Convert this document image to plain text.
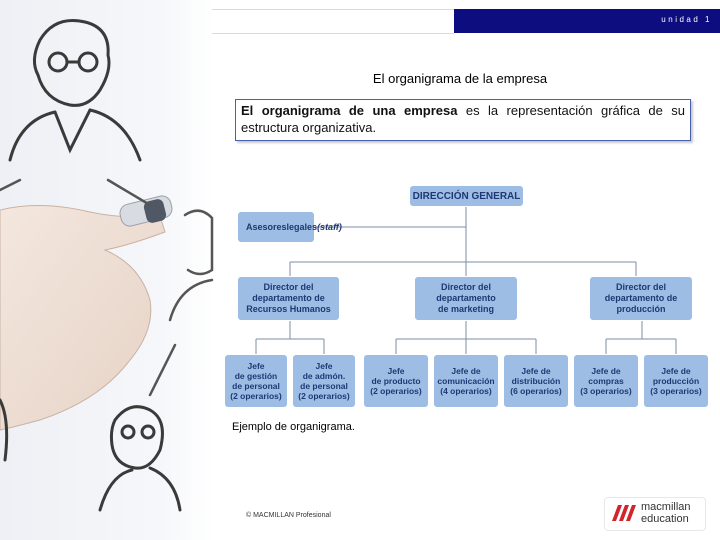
unidad 1
El organigrama de la empresa
El organigrama de una empresa es la representación gráfica de su estructura organizativa.
DIRECCIÓN GENERAL
Asesores legales (staff)
Director del
departamento de
Recursos Humanos
Director del
departamento
de marketing
Director del
departamento de
producción
Jefe
de gestión
de personal
(2 operarios)
Jefe
de admón.
de personal
(2 operarios)
Jefe
de producto
(2 operarios)
Jefe de
comunicación
(4 operarios)
Jefe de
distribución
(6 operarios)
Jefe de
compras
(3 operarios)
Jefe de
producción
(3 operarios)
Ejemplo de organigrama.
© MACMILLAN Profesional
macmillan
education
